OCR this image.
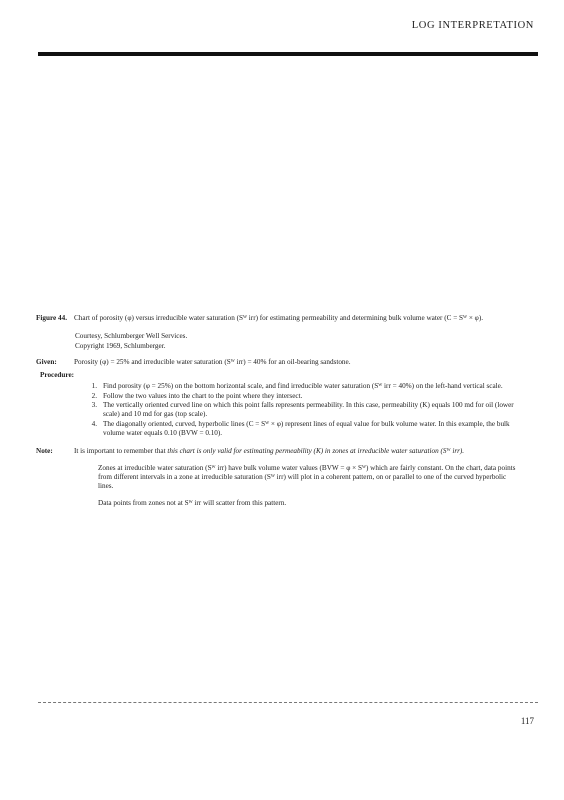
LOG INTERPRETATION
Figure 44. Chart of porosity (φ) versus irreducible water saturation (Sᵂ irr) for estimating permeability and determining bulk volume water (C = Sᵂ × φ).

Courtesy, Schlumberger Well Services.

Copyright 1969, Schlumberger.

Given:	Porosity (φ) = 25% and irreducible water saturation (Sᵂ irr) = 40% for an oil-bearing sandstone.
Procedure:
1. Find porosity (φ = 25%) on the bottom horizontal scale, and find irreducible water saturation (Sᵂ irr = 40%) on the left-hand vertical scale.
2. Follow the two values into the chart to the point where they intersect.
3. The vertically oriented curved line on which this point falls represents permeability. In this case, permeability (K) equals 100 md for oil (lower scale) and 10 md for gas (top scale).
4. The diagonally oriented, curved, hyperbolic lines (C = Sᵂ × φ) represent lines of equal value for bulk volume water. In this example, the bulk volume water equals 0.10 (BVW = 0.10).
Note:	It is important to remember that this chart is only valid for estimating permeability (K) in zones at irreducible water saturation (Sᵂ irr).

Zones at irreducible water saturation (Sᵂ irr) have bulk volume water values (BVW = φ × Sᵂ) which are fairly constant. On the chart, data points from different intervals in a zone at irreducible saturation (Sᵂ irr) will plot in a coherent pattern, on or parallel to one of the curved hyperbolic lines.

Data points from zones not at Sᵂ irr will scatter from this pattern.

117
